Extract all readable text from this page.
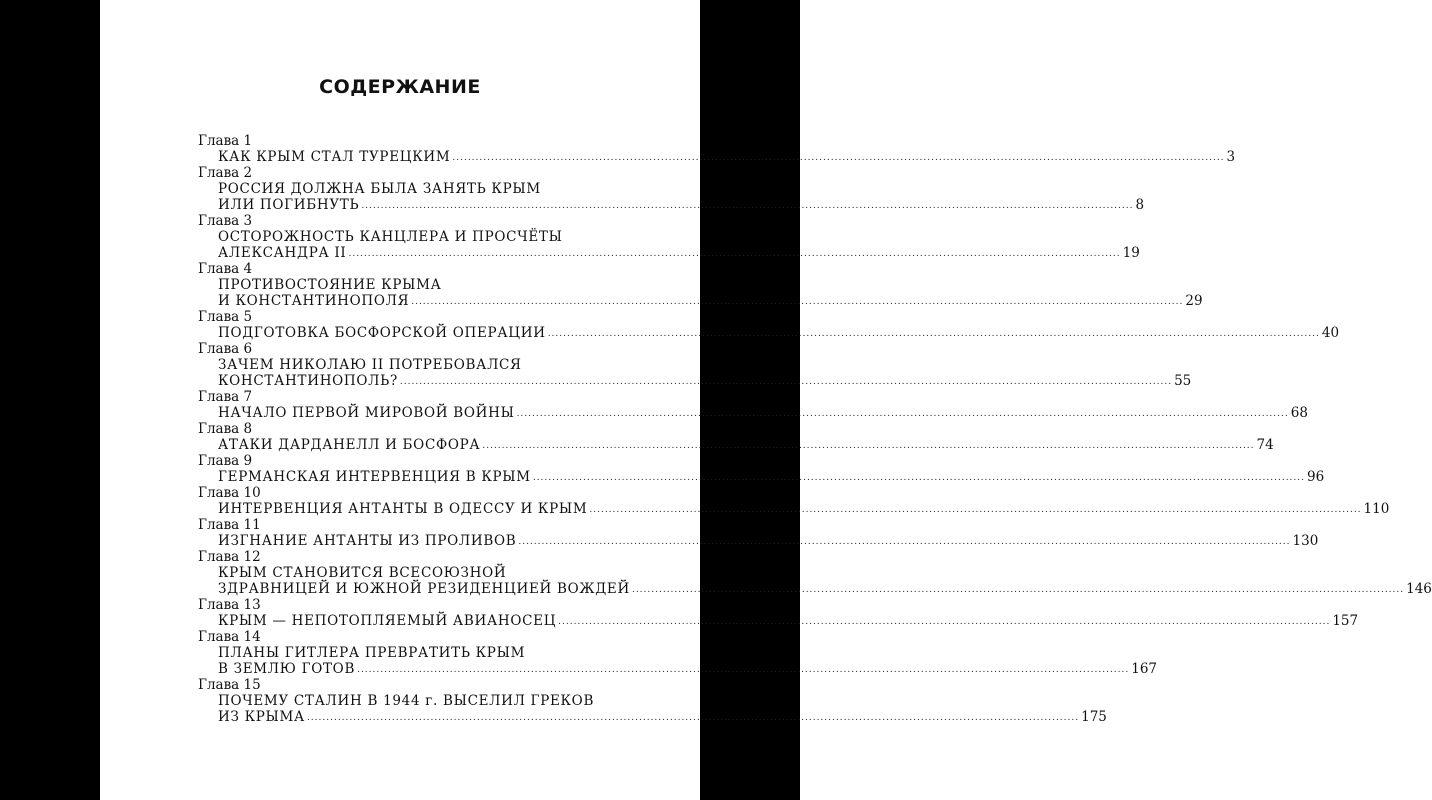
СОДЕРЖАНИЕ
Глава 1
КАК КРЫМ СТАЛ ТУРЕЦКИМ ........................................................................................................................................................................................................ 3
Глава 2
РОССИЯ ДОЛЖНА БЫЛА ЗАНЯТЬ КРЫМ
ИЛИ ПОГИБНУТЬ ........................................................................................................................................................................................................ 8
Глава 3
ОСТОРОЖНОСТЬ КАНЦЛЕРА И ПРОСЧЁТЫ
АЛЕКСАНДРА II ........................................................................................................................................................................................................ 19
Глава 4
ПРОТИВОСТОЯНИЕ КРЫМА
И КОНСТАНТИНОПОЛЯ ........................................................................................................................................................................................................ 29
Глава 5
ПОДГОТОВКА БОСФОРСКОЙ ОПЕРАЦИИ ........................................................................................................................................................................................................ 40
Глава 6
ЗАЧЕМ НИКОЛАЮ II ПОТРЕБОВАЛСЯ
КОНСТАНТИНОПОЛЬ? ........................................................................................................................................................................................................ 55
Глава 7
НАЧАЛО ПЕРВОЙ МИРОВОЙ ВОЙНЫ ........................................................................................................................................................................................................ 68
Глава 8
АТАКИ ДАРДАНЕЛЛ И БОСФОРА ........................................................................................................................................................................................................ 74
Глава 9
ГЕРМАНСКАЯ ИНТЕРВЕНЦИЯ В КРЫМ ........................................................................................................................................................................................................ 96
Глава 10
ИНТЕРВЕНЦИЯ АНТАНТЫ В ОДЕССУ И КРЫМ ........................................................................................................................................................................................................ 110
Глава 11
ИЗГНАНИЕ АНТАНТЫ ИЗ ПРОЛИВОВ ........................................................................................................................................................................................................ 130
Глава 12
КРЫМ СТАНОВИТСЯ ВСЕСОЮЗНОЙ
ЗДРАВНИЦЕЙ И ЮЖНОЙ РЕЗИДЕНЦИЕЙ ВОЖДЕЙ ........................................................................................................................................................................................................ 146
Глава 13
КРЫМ — НЕПОТОПЛЯЕМЫЙ АВИАНОСЕЦ ........................................................................................................................................................................................................ 157
Глава 14
ПЛАНЫ ГИТЛЕРА ПРЕВРАТИТЬ КРЫМ
В ЗЕМЛЮ ГОТОВ ........................................................................................................................................................................................................ 167
Глава 15
ПОЧЕМУ СТАЛИН В 1944 г. ВЫСЕЛИЛ ГРЕКОВ
ИЗ КРЫМА ........................................................................................................................................................................................................ 175
